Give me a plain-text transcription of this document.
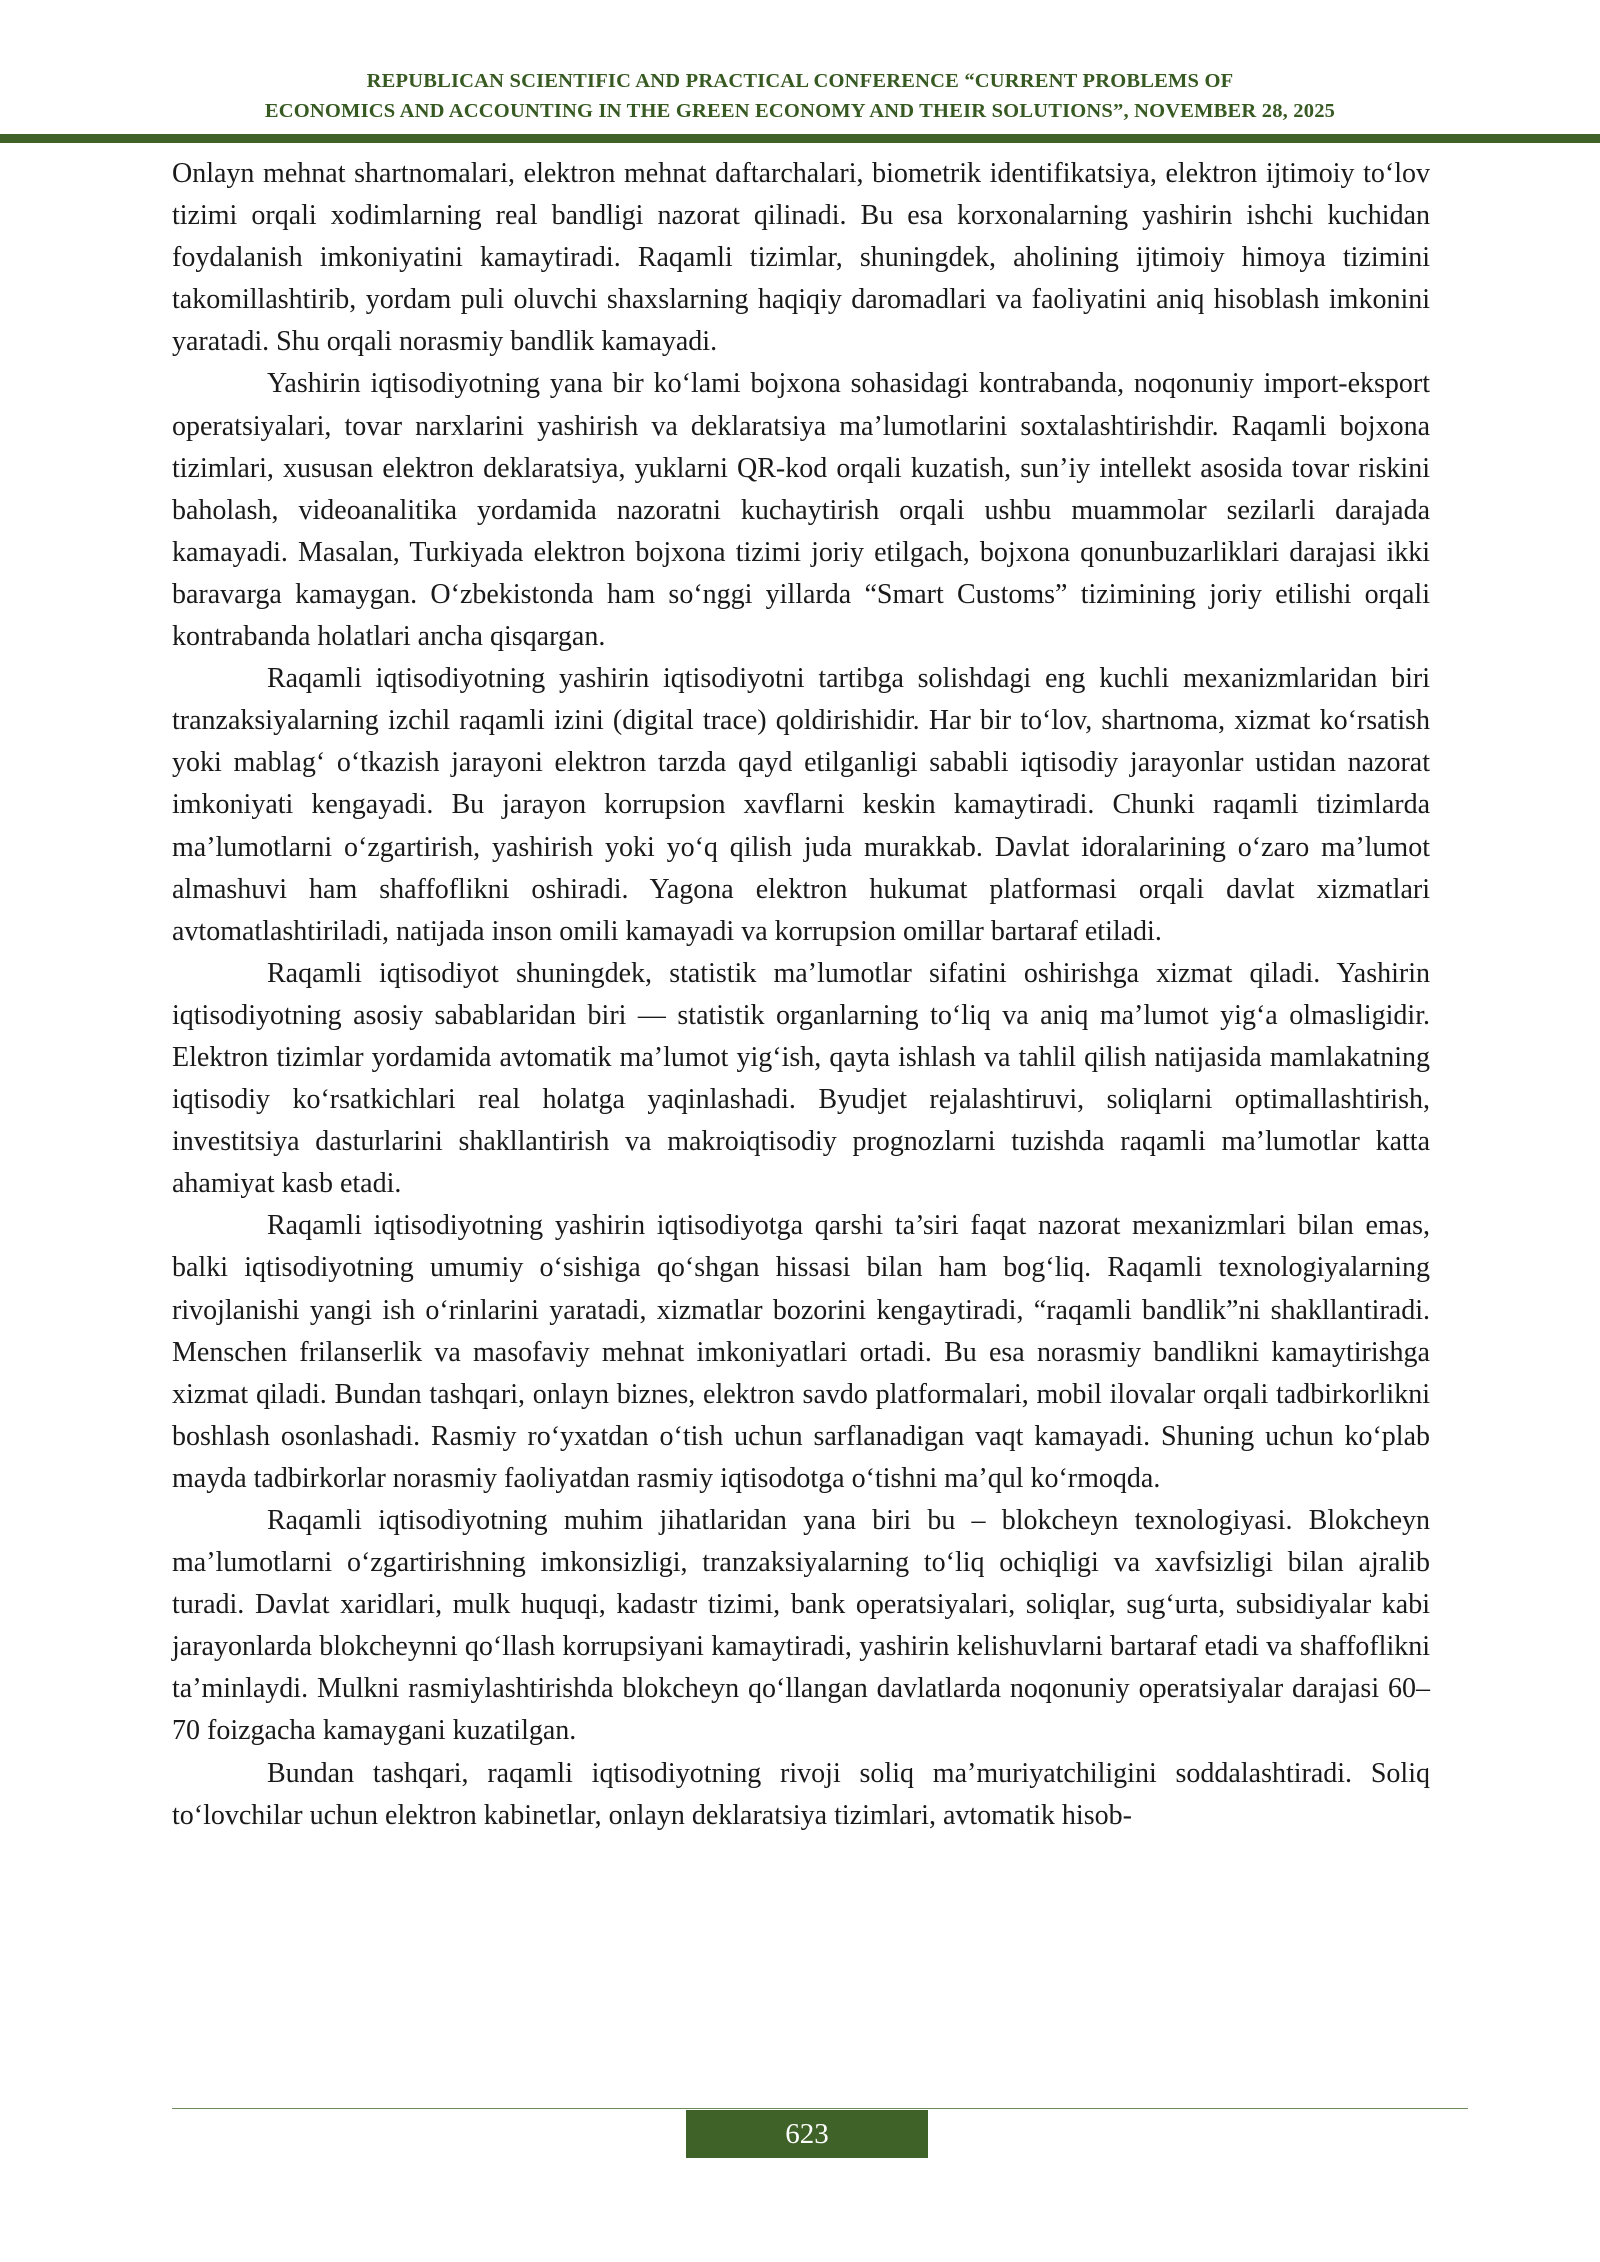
REPUBLICAN SCIENTIFIC AND PRACTICAL CONFERENCE “CURRENT PROBLEMS OF
ECONOMICS AND ACCOUNTING IN THE GREEN ECONOMY AND THEIR SOLUTIONS”, NOVEMBER 28, 2025

Onlayn mehnat shartnomalari, elektron mehnat daftarchalari, biometrik identifikatsiya, elektron ijtimoiy to‘lov tizimi orqali xodimlarning real bandligi nazorat qilinadi. Bu esa korxonalarning yashirin ishchi kuchidan foydalanish imkoniyatini kamaytiradi. Raqamli tizimlar, shuningdek, aholining ijtimoiy himoya tizimini takomillashtirib, yordam puli oluvchi shaxslarning haqiqiy daromadlari va faoliyatini aniq hisoblash imkonini yaratadi. Shu orqali norasmiy bandlik kamayadi.

Yashirin iqtisodiyotning yana bir ko‘lami bojxona sohasidagi kontrabanda, noqonuniy import-eksport operatsiyalari, tovar narxlarini yashirish va deklaratsiya ma’lumotlarini soxtalashtirishdir. Raqamli bojxona tizimlari, xususan elektron deklaratsiya, yuklarni QR-kod orqali kuzatish, sun’iy intellekt asosida tovar riskini baholash, videoanalitika yordamida nazoratni kuchaytirish orqali ushbu muammolar sezilarli darajada kamayadi. Masalan, Turkiyada elektron bojxona tizimi joriy etilgach, bojxona qonunbuzarliklari darajasi ikki baravarga kamaygan. O‘zbekistonda ham so‘nggi yillarda “Smart Customs” tizimining joriy etilishi orqali kontrabanda holatlari ancha qisqargan.

Raqamli iqtisodiyotning yashirin iqtisodiyotni tartibga solishdagi eng kuchli mexanizmlaridan biri tranzaksiyalarning izchil raqamli izini (digital trace) qoldirishidir. Har bir to‘lov, shartnoma, xizmat ko‘rsatish yoki mablag‘ o‘tkazish jarayoni elektron tarzda qayd etilganligi sababli iqtisodiy jarayonlar ustidan nazorat imkoniyati kengayadi. Bu jarayon korrupsion xavflarni keskin kamaytiradi. Chunki raqamli tizimlarda ma’lumotlarni o‘zgartirish, yashirish yoki yo‘q qilish juda murakkab. Davlat idoralarining o‘zaro ma’lumot almashuvi ham shaffoflikni oshiradi. Yagona elektron hukumat platformasi orqali davlat xizmatlari avtomatlashtiriladi, natijada inson omili kamayadi va korrupsion omillar bartaraf etiladi.

Raqamli iqtisodiyot shuningdek, statistik ma’lumotlar sifatini oshirishga xizmat qiladi. Yashirin iqtisodiyotning asosiy sabablaridan biri — statistik organlarning to‘liq va aniq ma’lumot yig‘a olmasligidir. Elektron tizimlar yordamida avtomatik ma’lumot yig‘ish, qayta ishlash va tahlil qilish natijasida mamlakatning iqtisodiy ko‘rsatkichlari real holatga yaqinlashadi. Byudjet rejalashtiruvi, soliqlarni optimallashtirish, investitsiya dasturlarini shakllantirish va makroiqtisodiy prognozlarni tuzishda raqamli ma’lumotlar katta ahamiyat kasb etadi.

Raqamli iqtisodiyotning yashirin iqtisodiyotga qarshi ta’siri faqat nazorat mexanizmlari bilan emas, balki iqtisodiyotning umumiy o‘sishiga qo‘shgan hissasi bilan ham bog‘liq. Raqamli texnologiyalarning rivojlanishi yangi ish o‘rinlarini yaratadi, xizmatlar bozorini kengaytiradi, “raqamli bandlik”ni shakllantiradi. Menschen frilanserlik va masofaviy mehnat imkoniyatlari ortadi. Bu esa norasmiy bandlikni kamaytirishga xizmat qiladi. Bundan tashqari, onlayn biznes, elektron savdo platformalari, mobil ilovalar orqali tadbirkorlikni boshlash osonlashadi. Rasmiy ro‘yxatdan o‘tish uchun sarflanadigan vaqt kamayadi. Shuning uchun ko‘plab mayda tadbirkorlar norasmiy faoliyatdan rasmiy iqtisodotga o‘tishni ma’qul ko‘rmoqda.

Raqamli iqtisodiyotning muhim jihatlaridan yana biri bu – blokcheyn texnologiyasi. Blokcheyn ma’lumotlarni o‘zgartirishning imkonsizligi, tranzaksiyalarning to‘liq ochiqligi va xavfsizligi bilan ajralib turadi. Davlat xaridlari, mulk huquqi, kadastr tizimi, bank operatsiyalari, soliqlar, sug‘urta, subsidiyalar kabi jarayonlarda blokcheynni qo‘llash korrupsiyani kamaytiradi, yashirin kelishuvlarni bartaraf etadi va shaffoflikni ta’minlaydi. Mulkni rasmiylashtirishda blokcheyn qo‘llangan davlatlarda noqonuniy operatsiyalar darajasi 60–70 foizgacha kamaygani kuzatilgan.

Bundan tashqari, raqamli iqtisodiyotning rivoji soliq ma’muriyatchiligini soddalashtiradi. Soliq to‘lovchilar uchun elektron kabinetlar, onlayn deklaratsiya tizimlari, avtomatik hisob-

623
